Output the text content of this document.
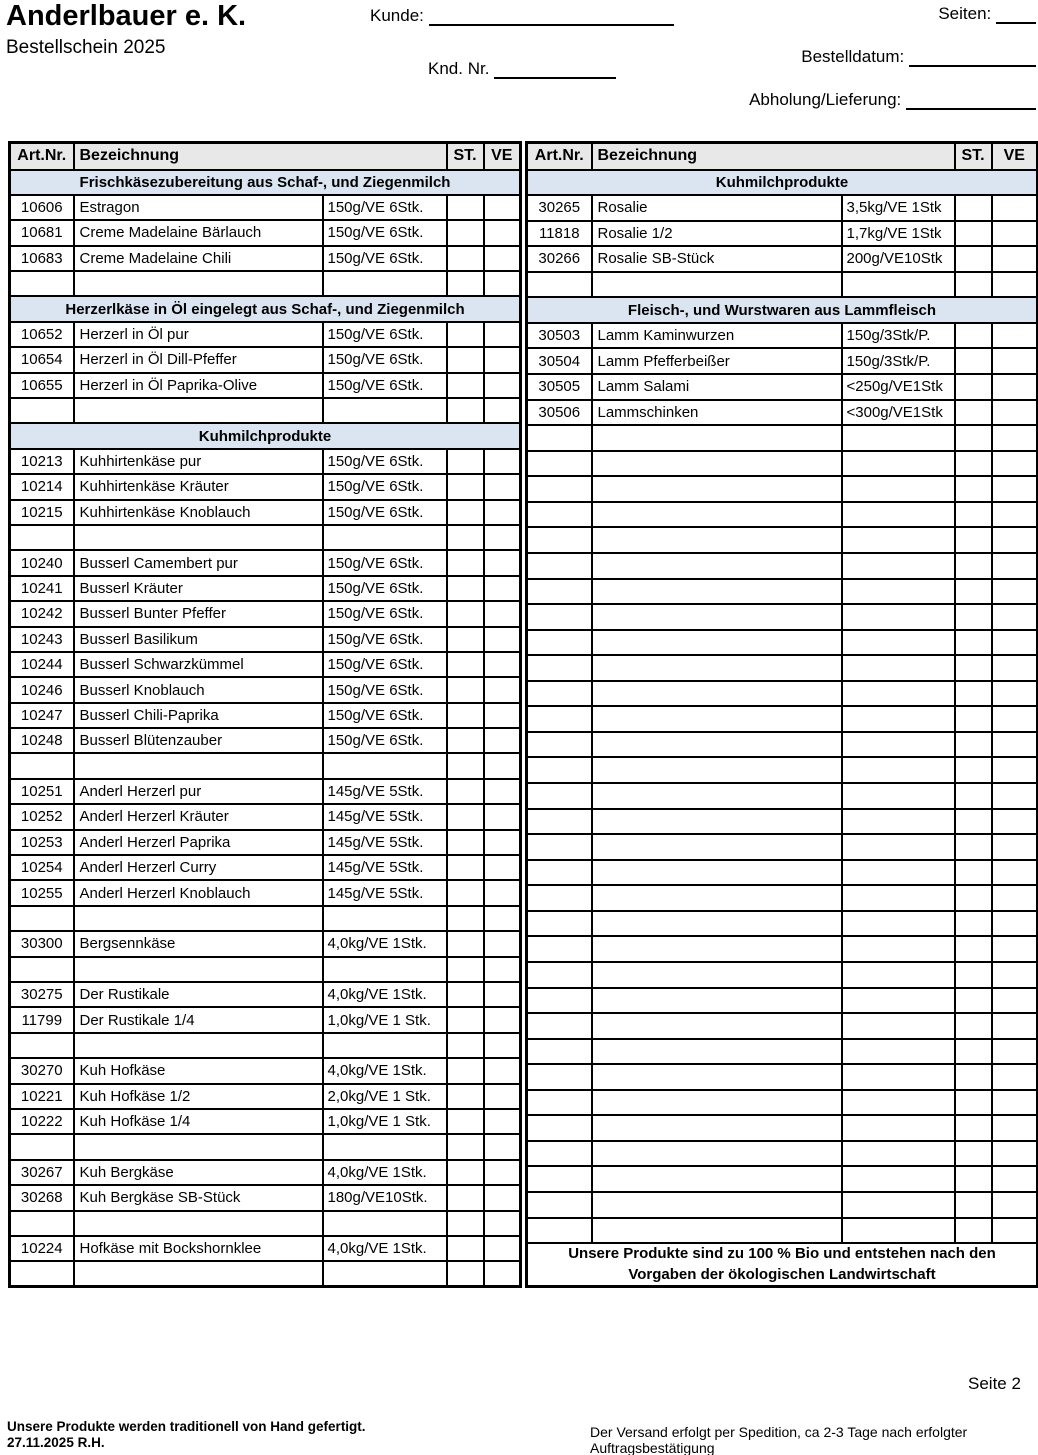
Anderlbauer e. K.
Bestellschein 2025
Kunde:
Knd. Nr.
Seiten:
Bestelldatum:
Abholung/Lieferung:
Art.Nr.	Bezeichnung		ST.	VE
Frischkäsezubereitung aus Schaf-, und Ziegenmilch				
10606	Estragon	150g/VE 6Stk.		
10681	Creme Madelaine Bärlauch	150g/VE 6Stk.		
10683	Creme Madelaine Chili	150g/VE 6Stk.		

Herzerlkäse in Öl eingelegt aus Schaf-, und Ziegenmilch				
10652	Herzerl in Öl pur	150g/VE 6Stk.		
10654	Herzerl in Öl Dill-Pfeffer	150g/VE 6Stk.		
10655	Herzerl in Öl Paprika-Olive	150g/VE 6Stk.		

Kuhmilchprodukte				
10213	Kuhhirtenkäse pur	150g/VE 6Stk.		
10214	Kuhhirtenkäse Kräuter	150g/VE 6Stk.		
10215	Kuhhirtenkäse Knoblauch	150g/VE 6Stk.		

10240	Busserl Camembert pur	150g/VE 6Stk.		
10241	Busserl Kräuter	150g/VE 6Stk.		
10242	Busserl Bunter Pfeffer	150g/VE 6Stk.		
10243	Busserl Basilikum	150g/VE 6Stk.		
10244	Busserl Schwarzkümmel	150g/VE 6Stk.		
10246	Busserl Knoblauch	150g/VE 6Stk.		
10247	Busserl Chili-Paprika	150g/VE 6Stk.		
10248	Busserl Blütenzauber	150g/VE 6Stk.		

10251	Anderl Herzerl pur	145g/VE 5Stk.		
10252	Anderl Herzerl Kräuter	145g/VE 5Stk.		
10253	Anderl Herzerl Paprika	145g/VE 5Stk.		
10254	Anderl Herzerl Curry	145g/VE 5Stk.		
10255	Anderl Herzerl Knoblauch	145g/VE 5Stk.		

30300	Bergsennkäse	4,0kg/VE 1Stk.		

30275	Der Rustikale	4,0kg/VE 1Stk.		
11799	Der Rustikale 1/4	1,0kg/VE 1 Stk.		

30270	Kuh Hofkäse	4,0kg/VE 1Stk.		
10221	Kuh Hofkäse 1/2	2,0kg/VE 1 Stk.		
10222	Kuh Hofkäse 1/4	1,0kg/VE 1 Stk.		

30267	Kuh Bergkäse	4,0kg/VE 1Stk.		
30268	Kuh Bergkäse SB-Stück	180g/VE10Stk.		

10224	Hofkäse mit Bockshornklee	4,0kg/VE 1Stk.		

Art.Nr.	Bezeichnung		ST.	VE
Kuhmilchprodukte				
30265	Rosalie	3,5kg/VE 1Stk		
11818	Rosalie 1/2	1,7kg/VE 1Stk		
30266	Rosalie SB-Stück	200g/VE10Stk		

Fleisch-, und Wurstwaren aus Lammfleisch				
30503	Lamm Kaminwurzen	150g/3Stk/P.		
30504	Lamm Pfefferbeißer	150g/3Stk/P.		
30505	Lamm Salami	<250g/VE1Stk		
30506	Lammschinken	<300g/VE1Stk		

Unsere Produkte sind zu 100 % Bio und entstehen nach den
Vorgaben der ökologischen Landwirtschaft				
Seite 2
Unsere Produkte werden traditionell von Hand gefertigt.
27.11.2025 R.H.
Der Versand erfolgt per Spedition, ca 2-3 Tage nach erfolgter Auftragsbestätigung
